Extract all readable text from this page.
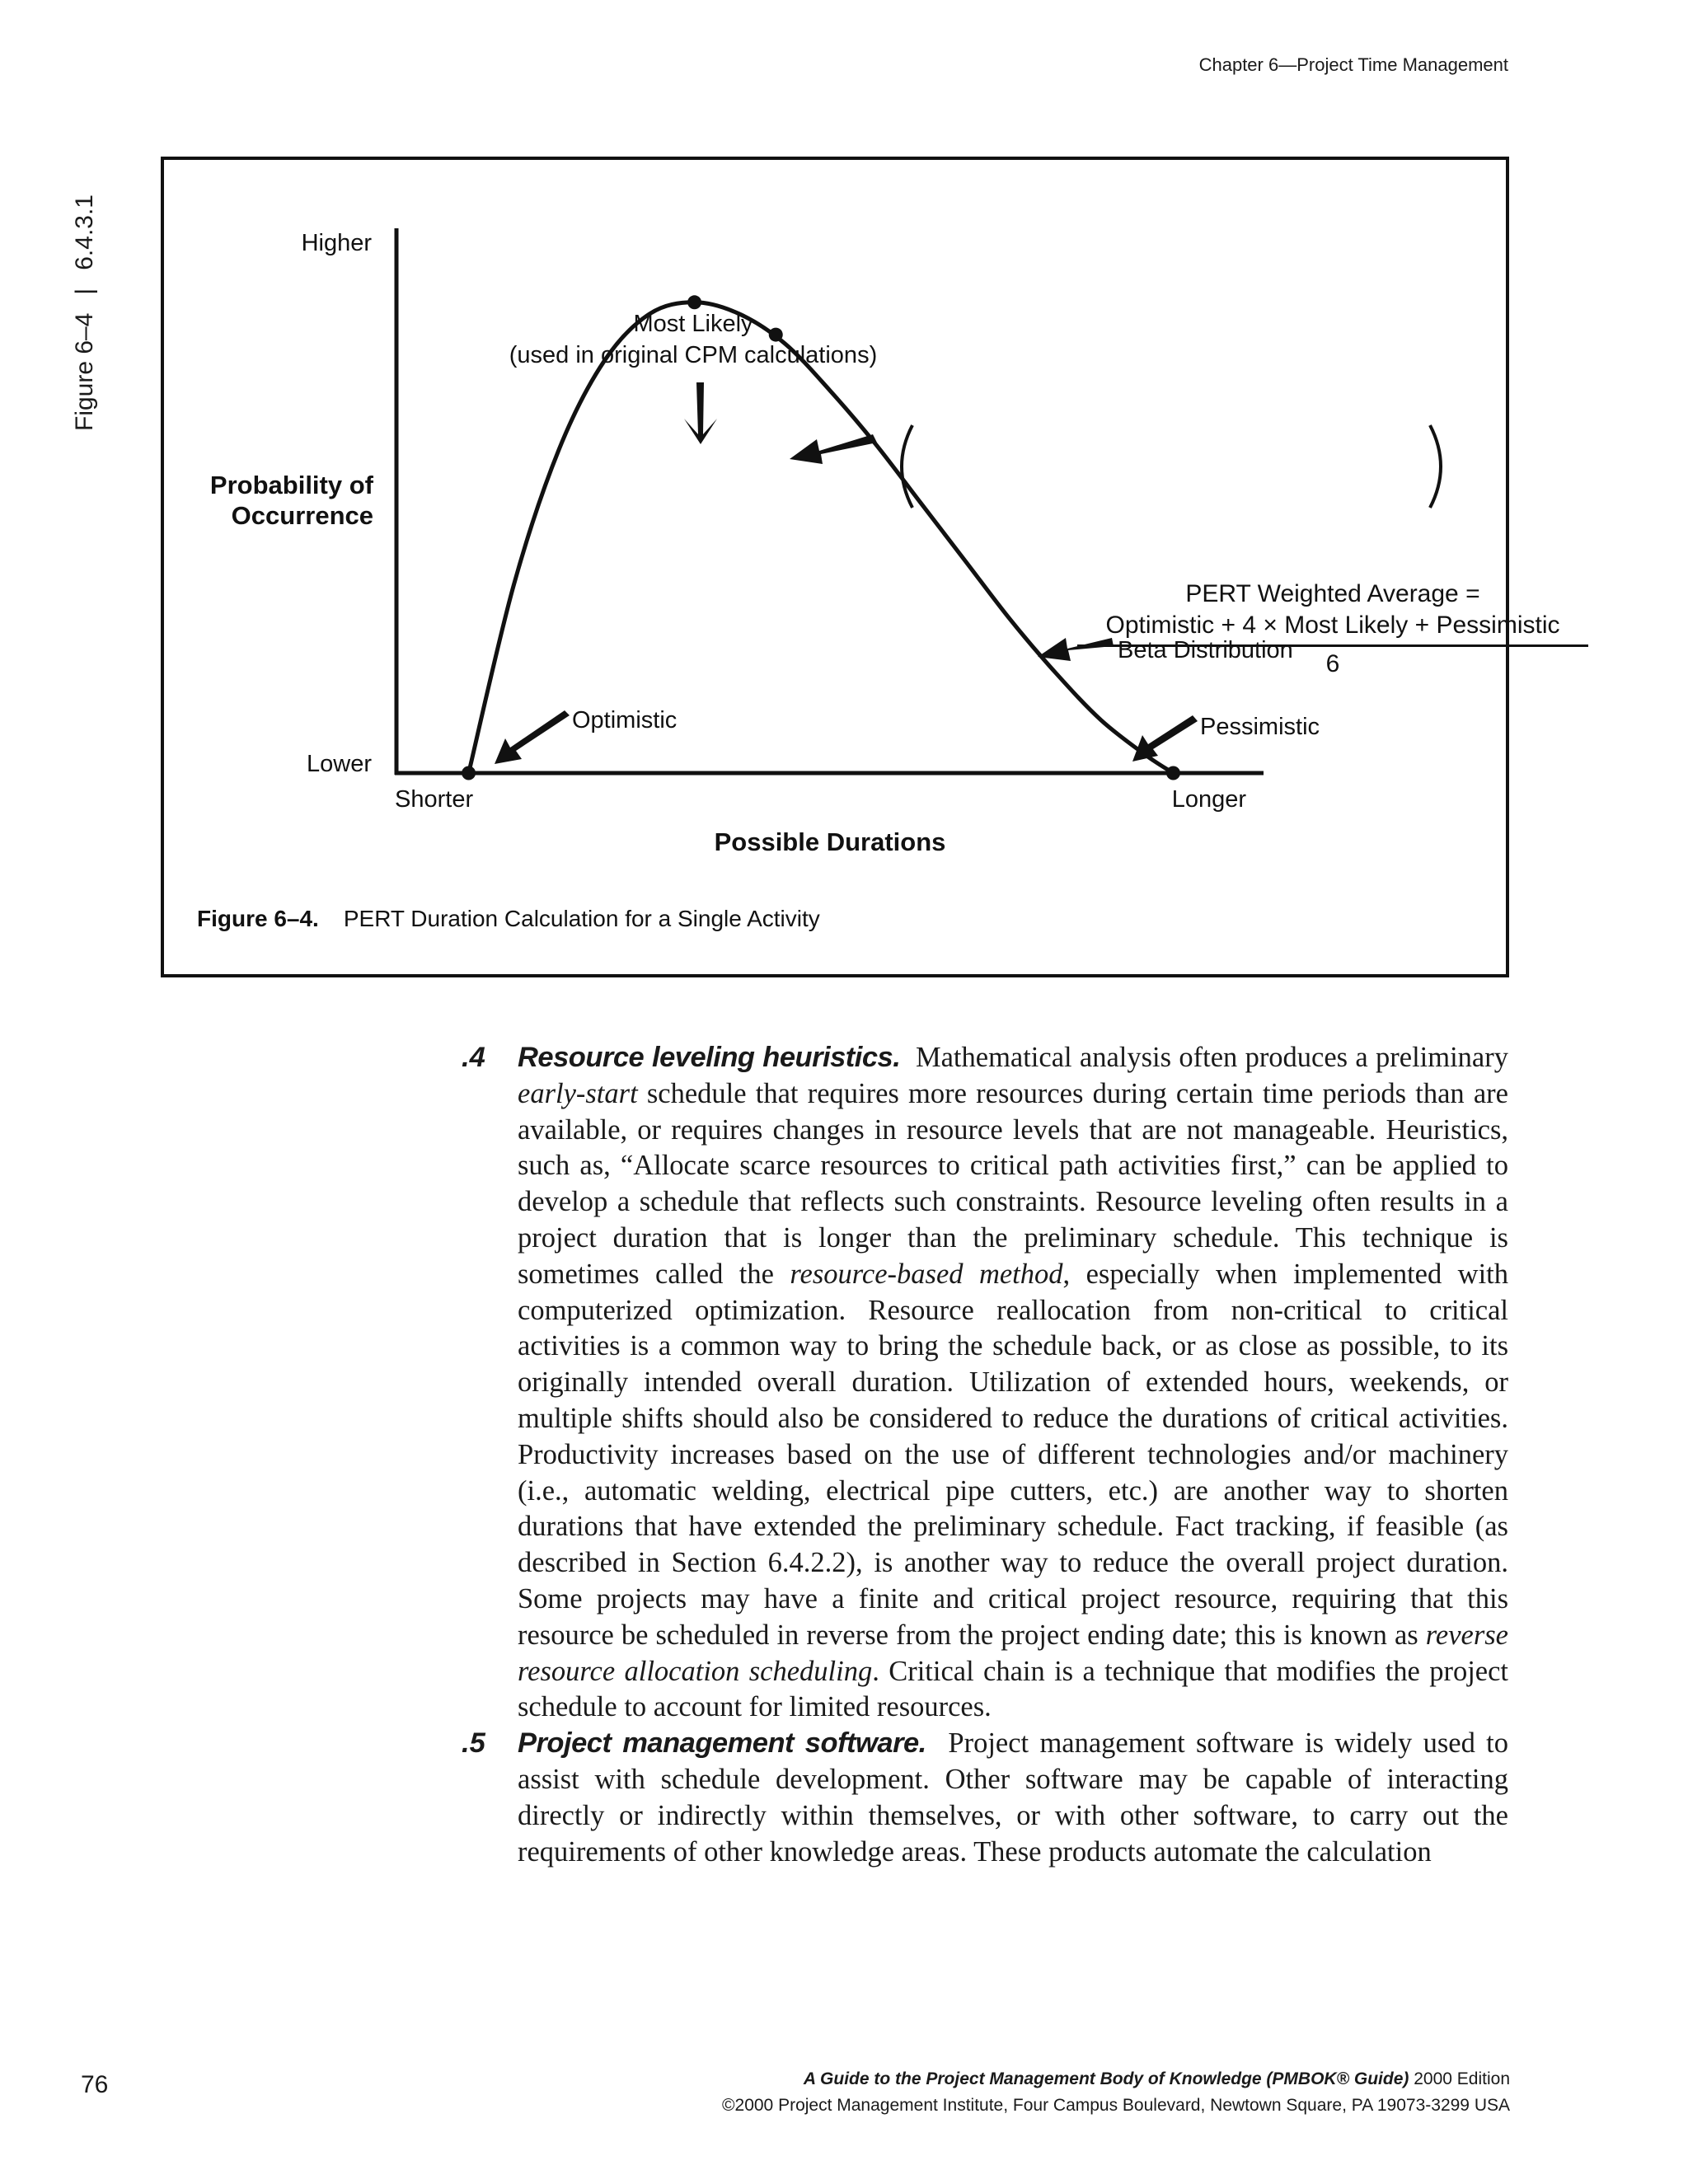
Chapter 6—Project Time Management
Figure 6–4|6.4.3.1	Higher
Lower
Shorter	Longer
Probability of
Occurrence
Possible Durations
Most Likely
(used in original CPM calculations)
Optimistic	Pessimistic
Beta Distribution
PERT Weighted Average =
Optimistic + 4 × Most Likely + Pessimistic
6
Figure 6–4. PERT Duration Calculation for a Single Activity
.4 Resource leveling heuristics. Mathematical analysis often produces a preliminary early-start schedule that requires more resources during certain time periods than are available, or requires changes in resource levels that are not manageable. Heuristics, such as, “Allocate scarce resources to critical path activities first,” can be applied to develop a schedule that reflects such constraints. Resource leveling often results in a project duration that is longer than the preliminary schedule. This technique is sometimes called the resource-based method, especially when implemented with computerized optimization. Resource reallocation from non-critical to critical activities is a common way to bring the schedule back, or as close as possible, to its originally intended overall duration. Utilization of extended hours, weekends, or multiple shifts should also be considered to reduce the durations of critical activities. Productivity increases based on the use of different technologies and/or machinery (i.e., automatic welding, electrical pipe cutters, etc.) are another way to shorten durations that have extended the preliminary schedule. Fact tracking, if feasible (as described in Section 6.4.2.2), is another way to reduce the overall project duration. Some projects may have a finite and critical project resource, requiring that this resource be scheduled in reverse from the project ending date; this is known as reverse resource allocation scheduling. Critical chain is a technique that modifies the project schedule to account for limited resources.
.5 Project management software. Project management software is widely used to assist with schedule development. Other software may be capable of interacting directly or indirectly within themselves, or with other software, to carry out the requirements of other knowledge areas. These products automate the calculation
76	A Guide to the Project Management Body of Knowledge (PMBOK® Guide) 2000 Edition
©2000 Project Management Institute, Four Campus Boulevard, Newtown Square, PA 19073-3299 USA
